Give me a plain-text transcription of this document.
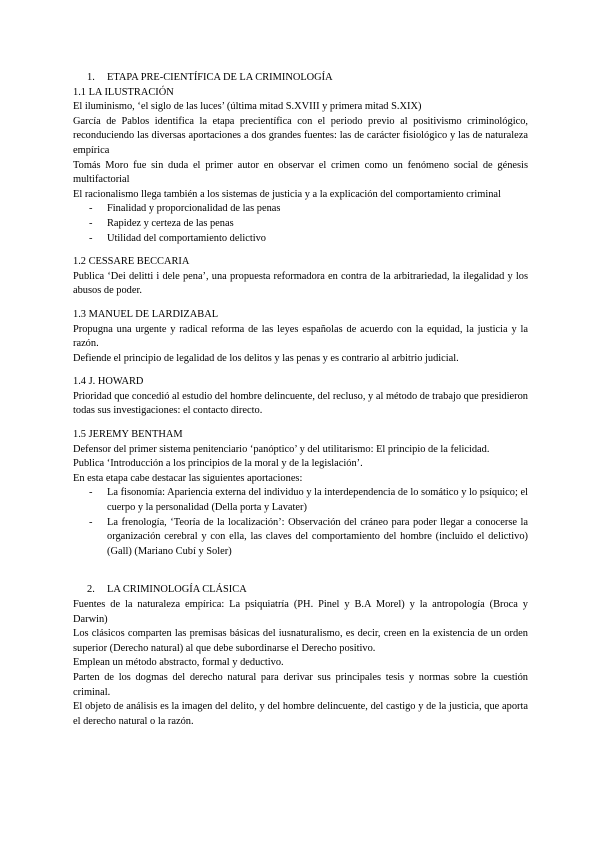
1.	ETAPA PRE-CIENTÍFICA DE LA CRIMINOLOGÍA

1.1 LA ILUSTRACIÓN

El iluminismo, ‘el siglo de las luces’ (última mitad S.XVIII y primera mitad S.XIX)

García de Pablos identifica la etapa precientífica con el periodo previo al positivismo criminológico, reconduciendo las diversas aportaciones a dos grandes fuentes: las de carácter fisiológico y las de naturaleza empírica

Tomás Moro fue sin duda el primer autor en observar el crimen como un fenómeno social de génesis multifactorial

El racionalismo llega también a los sistemas de justicia y a la explicación del comportamiento criminal

-	Finalidad y proporcionalidad de las penas
-	Rapidez y certeza de las penas
-	Utilidad del comportamiento delictivo

1.2 CESSARE BECCARIA

Publica ‘Dei delitti i dele pena’, una propuesta reformadora en contra de la arbitrariedad, la ilegalidad y los abusos de poder.

1.3 MANUEL DE LARDIZABAL

Propugna una urgente y radical reforma de las leyes españolas de acuerdo con la equidad, la justicia y la razón.

Defiende el principio de legalidad de los delitos y las penas y es contrario al arbitrio judicial.

1.4 J. HOWARD

Prioridad que concedió al estudio del hombre delincuente, del recluso, y al método de trabajo que presidieron todas sus investigaciones: el contacto directo.

1.5 JEREMY BENTHAM

Defensor del primer sistema penitenciario ‘panóptico’ y del utilitarismo: El principio de la felicidad.

Publica ‘Introducción a los principios de la moral y de la legislación’.

En esta etapa cabe destacar las siguientes aportaciones:

-	La fisonomía: Apariencia externa del individuo y la interdependencia de lo somático y lo psíquico; el cuerpo y la personalidad (Della porta y Lavater)
-	La frenología, ‘Teoría de la localización’: Observación del cráneo para poder llegar a conocerse la organización cerebral y con ella, las claves del comportamiento del hombre (incluido el delictivo) (Gall) (Mariano Cubí y Soler)
2.	LA CRIMINOLOGÍA CLÁSICA

Fuentes de la naturaleza empírica: La psiquiatría (PH. Pinel y B.A Morel) y la antropología (Broca y Darwin)

Los clásicos comparten las premisas básicas del iusnaturalismo, es decir, creen en la existencia de un orden superior (Derecho natural) al que debe subordinarse el Derecho positivo.

Emplean un método abstracto, formal y deductivo.

Parten de los dogmas del derecho natural para derivar sus principales tesis y normas sobre la cuestión criminal.

El objeto de análisis es la imagen del delito, y del hombre delincuente, del castigo y de la justicia, que aporta el derecho natural o la razón.
